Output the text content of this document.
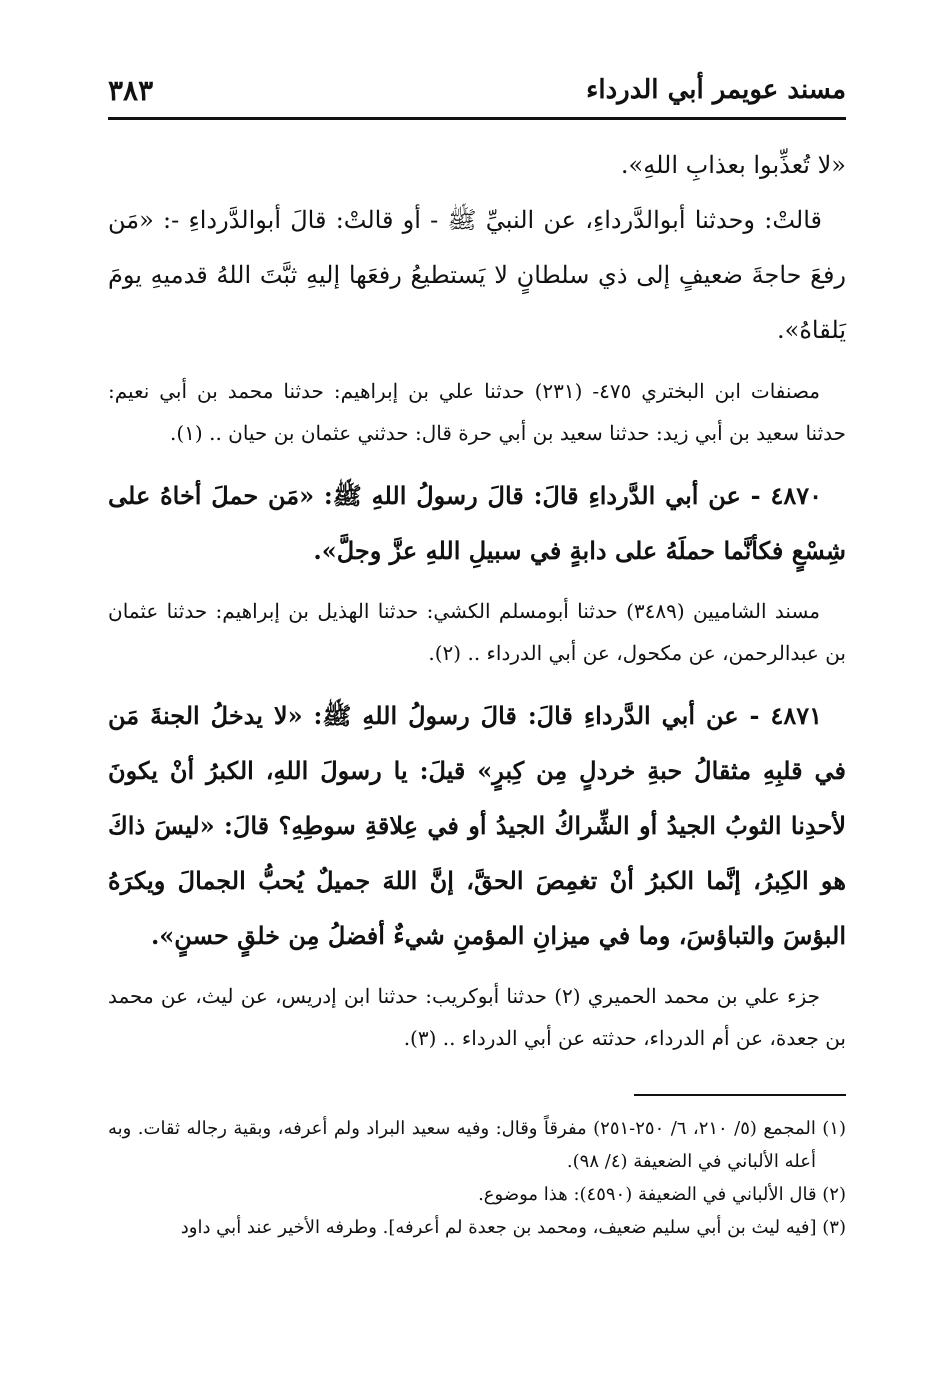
مسند عويمر أبي الدرداء
٣٨٣

«لا تُعذِّبوا بعذابِ اللهِ».

قالتْ: وحدثنا أبوالدَّرداءِ، عن النبيِّ ﷺ - أو قالتْ: قالَ أبوالدَّرداءِ -: «مَن رفعَ حاجةَ ضعيفٍ إلى ذي سلطانٍ لا يَستطيعُ رفعَها إليهِ ثبَّتَ اللهُ قدميهِ يومَ يَلقاهُ».

مصنفات ابن البختري ٤٧٥- (٢٣١) حدثنا علي بن إبراهيم: حدثنا محمد بن أبي نعيم: حدثنا سعيد بن أبي زيد: حدثنا سعيد بن أبي حرة قال: حدثني عثمان بن حيان .. (١).

٤٨٧٠ - عن أبي الدَّرداءِ قالَ: قالَ رسولُ اللهِ ﷺ: «مَن حملَ أخاهُ على شِسْعٍ فكأنَّما حملَهُ على دابةٍ في سبيلِ اللهِ عزَّ وجلَّ».

مسند الشاميين (٣٤٨٩) حدثنا أبومسلم الكشي: حدثنا الهذيل بن إبراهيم: حدثنا عثمان بن عبدالرحمن، عن مكحول، عن أبي الدرداء .. (٢).

٤٨٧١ - عن أبي الدَّرداءِ قالَ: قالَ رسولُ اللهِ ﷺ: «لا يدخلُ الجنةَ مَن في قلبِهِ مثقالُ حبةِ خردلٍ مِن كِبرٍ» قيلَ: يا رسولَ اللهِ، الكبرُ أنْ يكونَ لأحدِنا الثوبُ الجيدُ أو الشِّراكُ الجيدُ أو في عِلاقةِ سوطِهِ؟ قالَ: «ليسَ ذاكَ هو الكِبرُ، إنَّما الكبرُ أنْ تغمِصَ الحقَّ، إنَّ اللهَ جميلٌ يُحبُّ الجمالَ ويكرَهُ البؤسَ والتباؤسَ، وما في ميزانِ المؤمنِ شيءٌ أفضلُ مِن خلقٍ حسنٍ».

جزء علي بن محمد الحميري (٢) حدثنا أبوكريب: حدثنا ابن إدريس، عن ليث، عن محمد بن جعدة، عن أم الدرداء، حدثته عن أبي الدرداء .. (٣).

(١) المجمع (٥/ ٢١٠، ٦/ ٢٥٠-٢٥١) مفرقاً وقال: وفيه سعيد البراد ولم أعرفه، وبقية رجاله ثقات. وبه أعله الألباني في الضعيفة (٤/ ٩٨).

(٢) قال الألباني في الضعيفة (٤٥٩٠): هذا موضوع.

(٣) [فيه ليث بن أبي سليم ضعيف، ومحمد بن جعدة لم أعرفه]. وطرفه الأخير عند أبي داود
